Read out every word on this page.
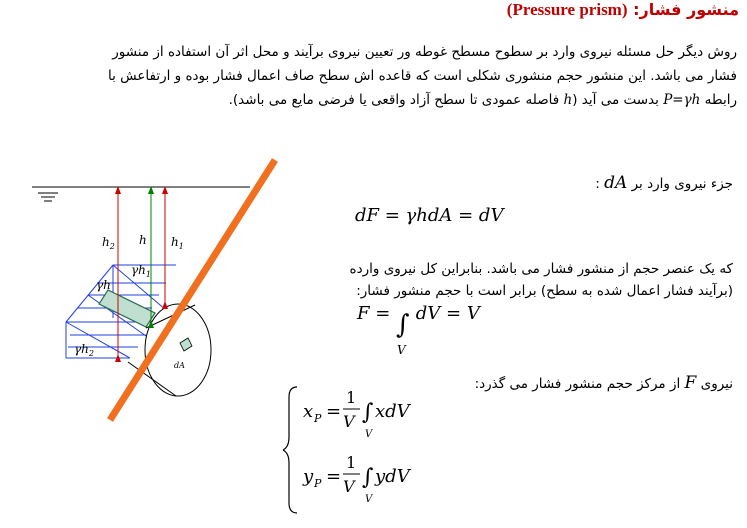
منشور فشار: (Pressure prism)
روش دیگر حل مسئله نیروی وارد بر سطوح مسطح غوطه ور تعیین نیروی برآیند و محل اثر آن استفاده از منشور
فشار می باشد. این منشور حجم منشوری شکلی است که قاعده اش سطح صاف اعمال فشار بوده و ارتفاعش با
رابطه P=γh بدست می آید (h فاصله عمودی تا سطح آزاد واقعی یا فرضی مایع می باشد).
جزء نیروی وارد بر dA :
dF = γhdA = dV
که یک عنصر حجم از منشور فشار می باشد. بنابراین کل نیروی وارده
(برآیند فشار اعمال شده به سطح) برابر است با حجم منشور فشار:
F = ∫
V
dV = V
نیروی F از مرکز حجم منشور فشار می گذرد:
x P =
1
V ∫
V
xdV
y P =
1
V ∫
V
ydV
dA
$h_2$ h $h_1$
γh
$\gamma h_1$
$\gamma h_2$
